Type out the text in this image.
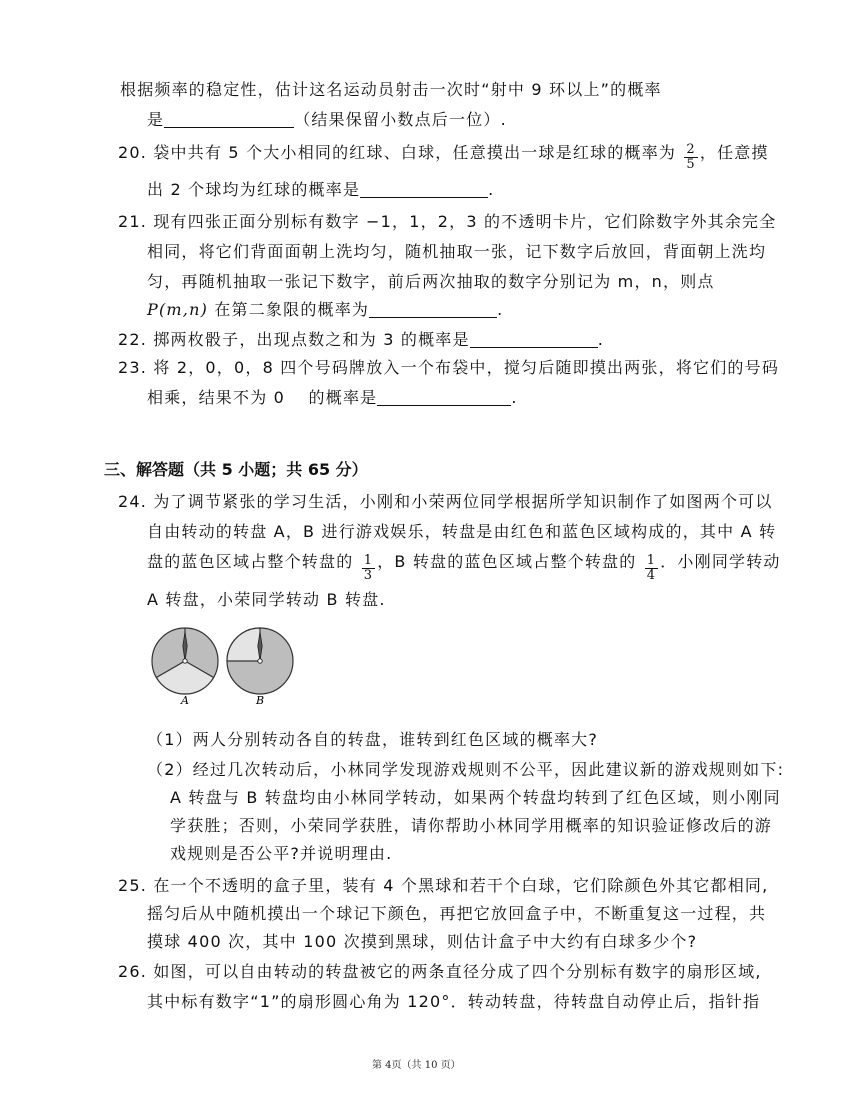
根据频率的稳定性，估计这名运动员射击一次时“射中 9 环以上”的概率
是	（结果保留小数点后一位）.
20. 袋中共有 5 个大小相同的红球、白球，任意摸出一球是红球的概率为 $\frac{2}{5}$ ，任意摸
出 2 个球均为红球的概率是	.
21. 现有四张正面分别标有数字 −1，1，2，3 的不透明卡片，它们除数字外其余完全
相同，将它们背面面朝上洗均匀，随机抽取一张，记下数字后放回，背面朝上洗均
匀，再随机抽取一张记下数字，前后两次抽取的数字分别记为 m，n，则点
P(m,n) 在第二象限的概率为	.
22. 掷两枚骰子，出现点数之和为 3 的概率是	.
23. 将 2，0，0，8 四个号码牌放入一个布袋中，搅匀后随即摸出两张，将它们的号码
相乘，结果不为 0　 的概率是	.
三、解答题（共 5 小题；共 65 分）
24. 为了调节紧张的学习生活，小刚和小荣两位同学根据所学知识制作了如图两个可以
自由转动的转盘 A，B 进行游戏娱乐，转盘是由红色和蓝色区域构成的，其中 A 转
盘的蓝色区域占整个转盘的 $\frac{1}{3}$ ，B 转盘的蓝色区域占整个转盘的 $\frac{1}{4}$ ．小刚同学转动
A 转盘，小荣同学转动 B 转盘.
A	B
（1）两人分别转动各自的转盘，谁转到红色区域的概率大?
（2）经过几次转动后，小林同学发现游戏规则不公平，因此建议新的游戏规则如下:
A 转盘与 B 转盘均由小林同学转动，如果两个转盘均转到了红色区域，则小刚同
学获胜；否则，小荣同学获胜，请你帮助小林同学用概率的知识验证修改后的游
戏规则是否公平?并说明理由.
25. 在一个不透明的盒子里，装有 4 个黑球和若干个白球，它们除颜色外其它都相同,
摇匀后从中随机摸出一个球记下颜色，再把它放回盒子中，不断重复这一过程，共
摸球 400 次，其中 100 次摸到黑球，则估计盒子中大约有白球多少个?
26. 如图，可以自由转动的转盘被它的两条直径分成了四个分别标有数字的扇形区域,
其中标有数字“1”的扇形圆心角为 120°．转动转盘，待转盘自动停止后，指针指
第 4页（共 10 页）
